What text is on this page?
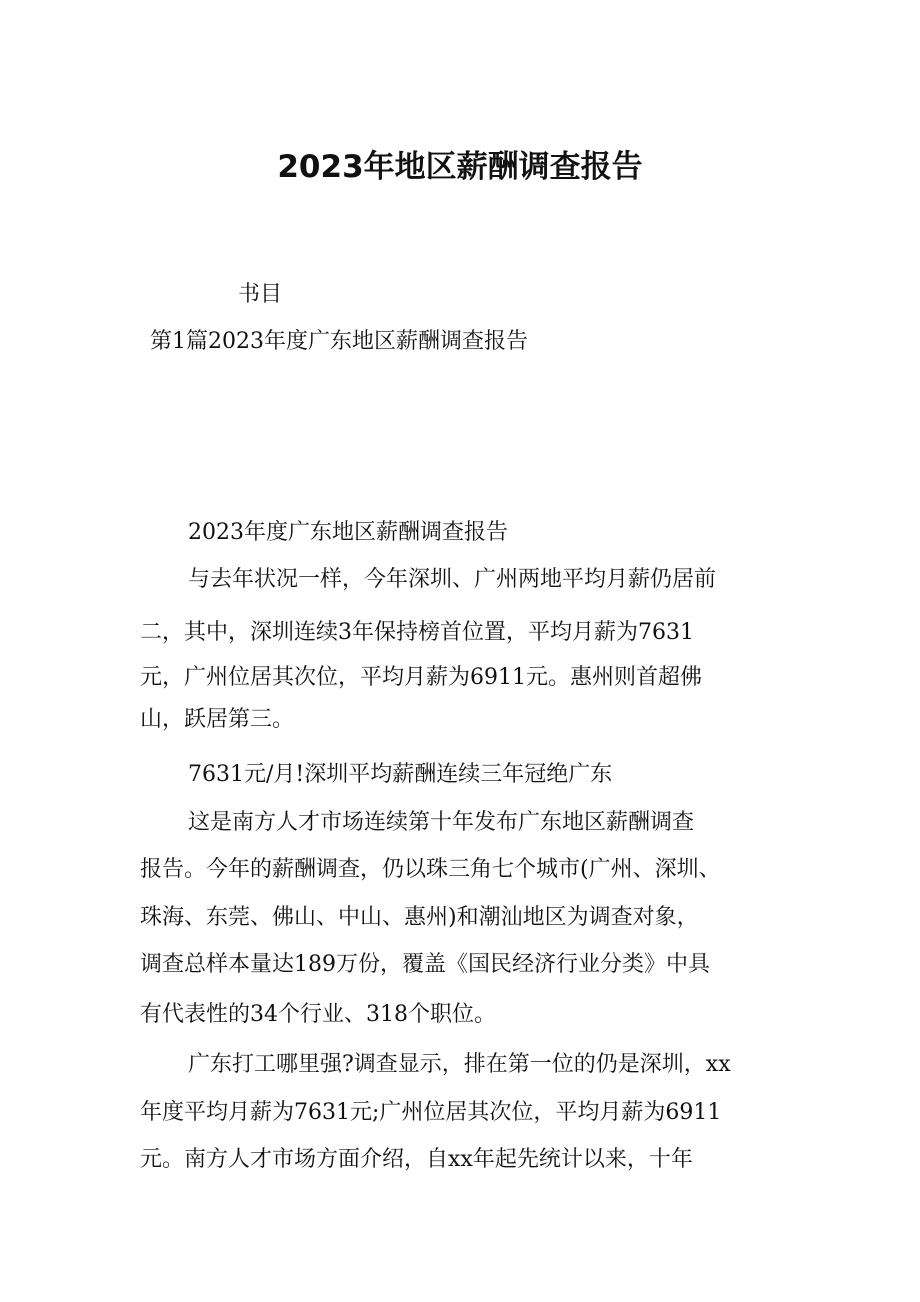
2023年地区薪酬调查报告
书目
第1篇2023年度广东地区薪酬调查报告
2023年度广东地区薪酬调查报告
与去年状况一样，今年深圳、广州两地平均月薪仍居前
二，其中，深圳连续3年保持榜首位置，平均月薪为7631
元，广州位居其次位，平均月薪为6911元。惠州则首超佛
山，跃居第三。
7631元/月!深圳平均薪酬连续三年冠绝广东
这是南方人才市场连续第十年发布广东地区薪酬调查
报告。今年的薪酬调查，仍以珠三角七个城市(广州、深圳、
珠海、东莞、佛山、中山、惠州)和潮汕地区为调查对象，
调查总样本量达189万份，覆盖《国民经济行业分类》中具
有代表性的34个行业、318个职位。
广东打工哪里强?调查显示，排在第一位的仍是深圳，xx
年度平均月薪为7631元;广州位居其次位，平均月薪为6911
元。南方人才市场方面介绍，自xx年起先统计以来，十年
